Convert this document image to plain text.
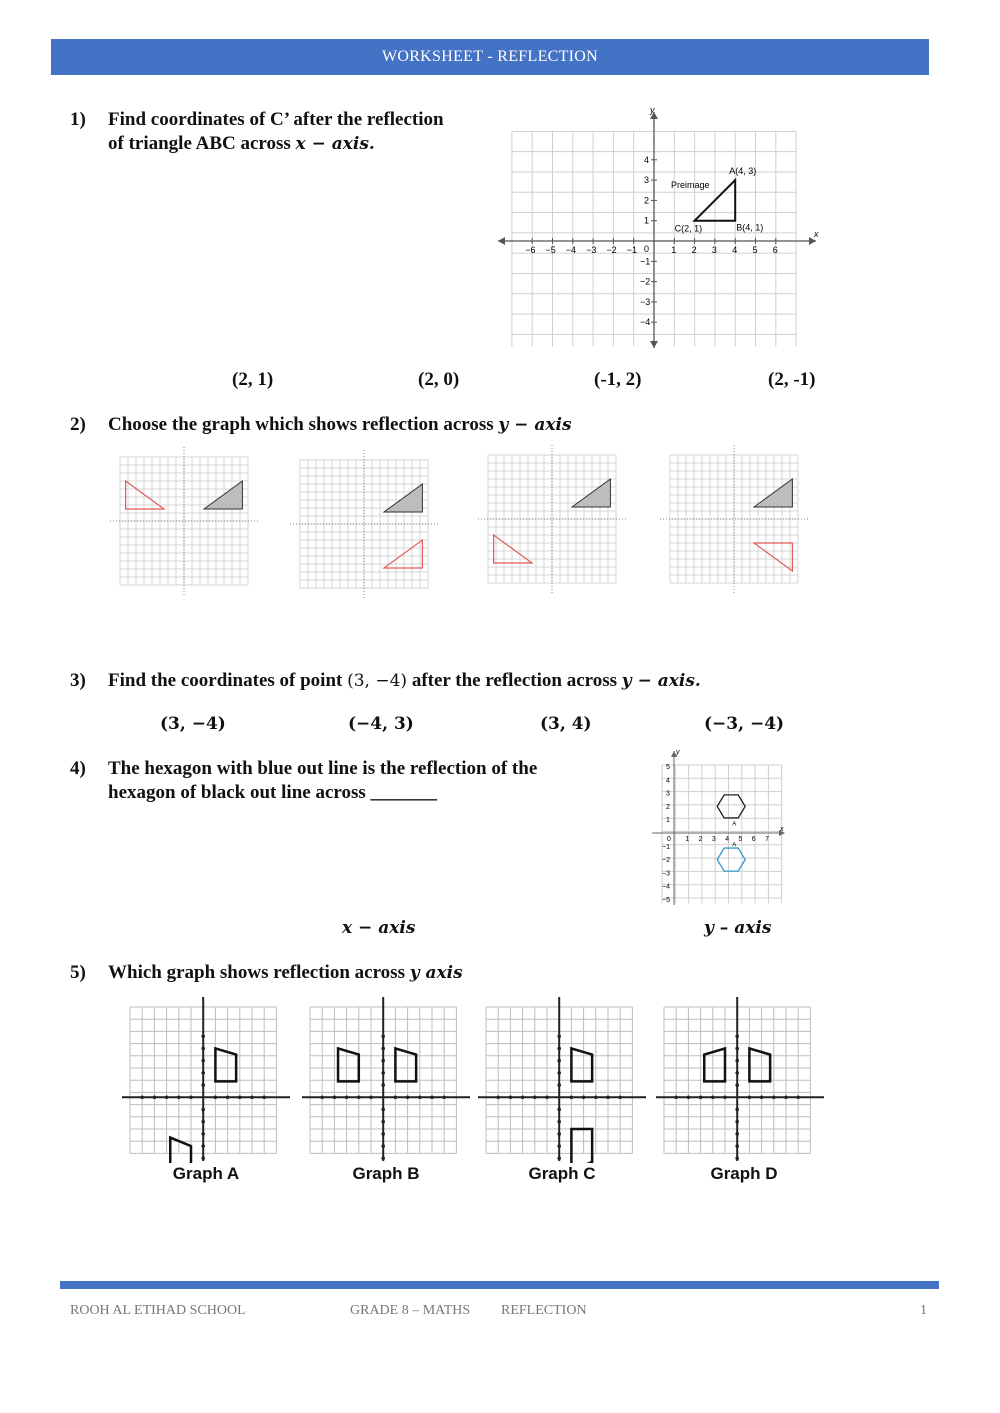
WORKSHEET - REFLECTION
1) Find coordinates of C’ after the reflection
of triangle ABC across x − axis.
x
y
−6 −5 −4 −3 −2 −1 0 1 2 3 4 5 6
4
3
2
1
−1
−2
−3
−4
A(4, 3)
B(4, 1)
C(2, 1)
Preimage
(2, 1)	(2, 0)	(-1, 2)	(2, -1)
2) Choose the graph which shows reflection across y − axis
3) Find the coordinates of point (3, −4) after the reflection across y − axis.
(3, −4)	(−4, 3)	(3, 4)	(−3, −4)
4) The hexagon with blue out line is the reflection of the
hexagon of black out line across _______
x
y
0 1 2 3 4 5 6 7
5
4
3
2
1
−1
−2
−3
−4
−5
A
A
x − axis	y – axis
5) Which graph shows reflection across y axis
Graph A	Graph B	Graph C	Graph D
ROOH AL ETIHAD SCHOOL	GRADE 8 – MATHS REFLECTION	1
